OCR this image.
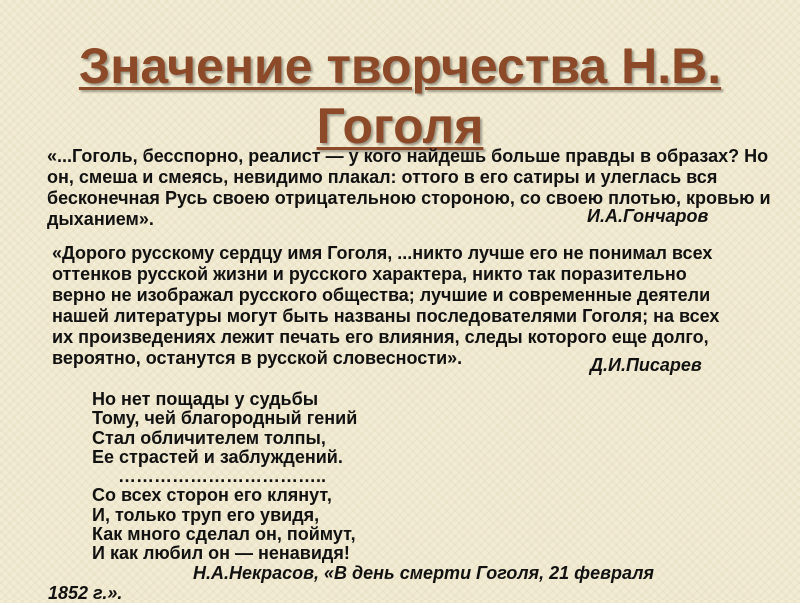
Значение творчества Н.В. Гоголя

«...Гоголь, бесспорно, реалист — у кого найдешь больше правды в образах? Но он, смеша и смеясь, невидимо плакал: оттого в его сатиры и улеглась вся бесконечная Русь своею отрицательною стороною, со своею плотью, кровью и дыханием».	И.А.Гончаров

«Дорого русскому сердцу имя Гоголя, ...никто лучше его не понимал всех оттенков русской жизни и русского характера, никто так поразительно верно не изображал русского общества; лучшие и современные деятели нашей литературы могут быть названы последователями Гоголя; на всех их произведениях лежит печать его влияния, следы которого еще долго, вероятно, останутся в русской словесности».	Д.И.Писарев
Но нет пощады у судьбы
Тому, чей благородный гений
Стал обличителем толпы,
Ее страстей и заблуждений.
……………………………..
Со всех сторон его клянут,
И, только труп его увидя,
Как много сделал он, поймут,
И как любил он — ненавидя!
Н.А.Некрасов, «В день смерти Гоголя, 21 февраля
1852 г.».
